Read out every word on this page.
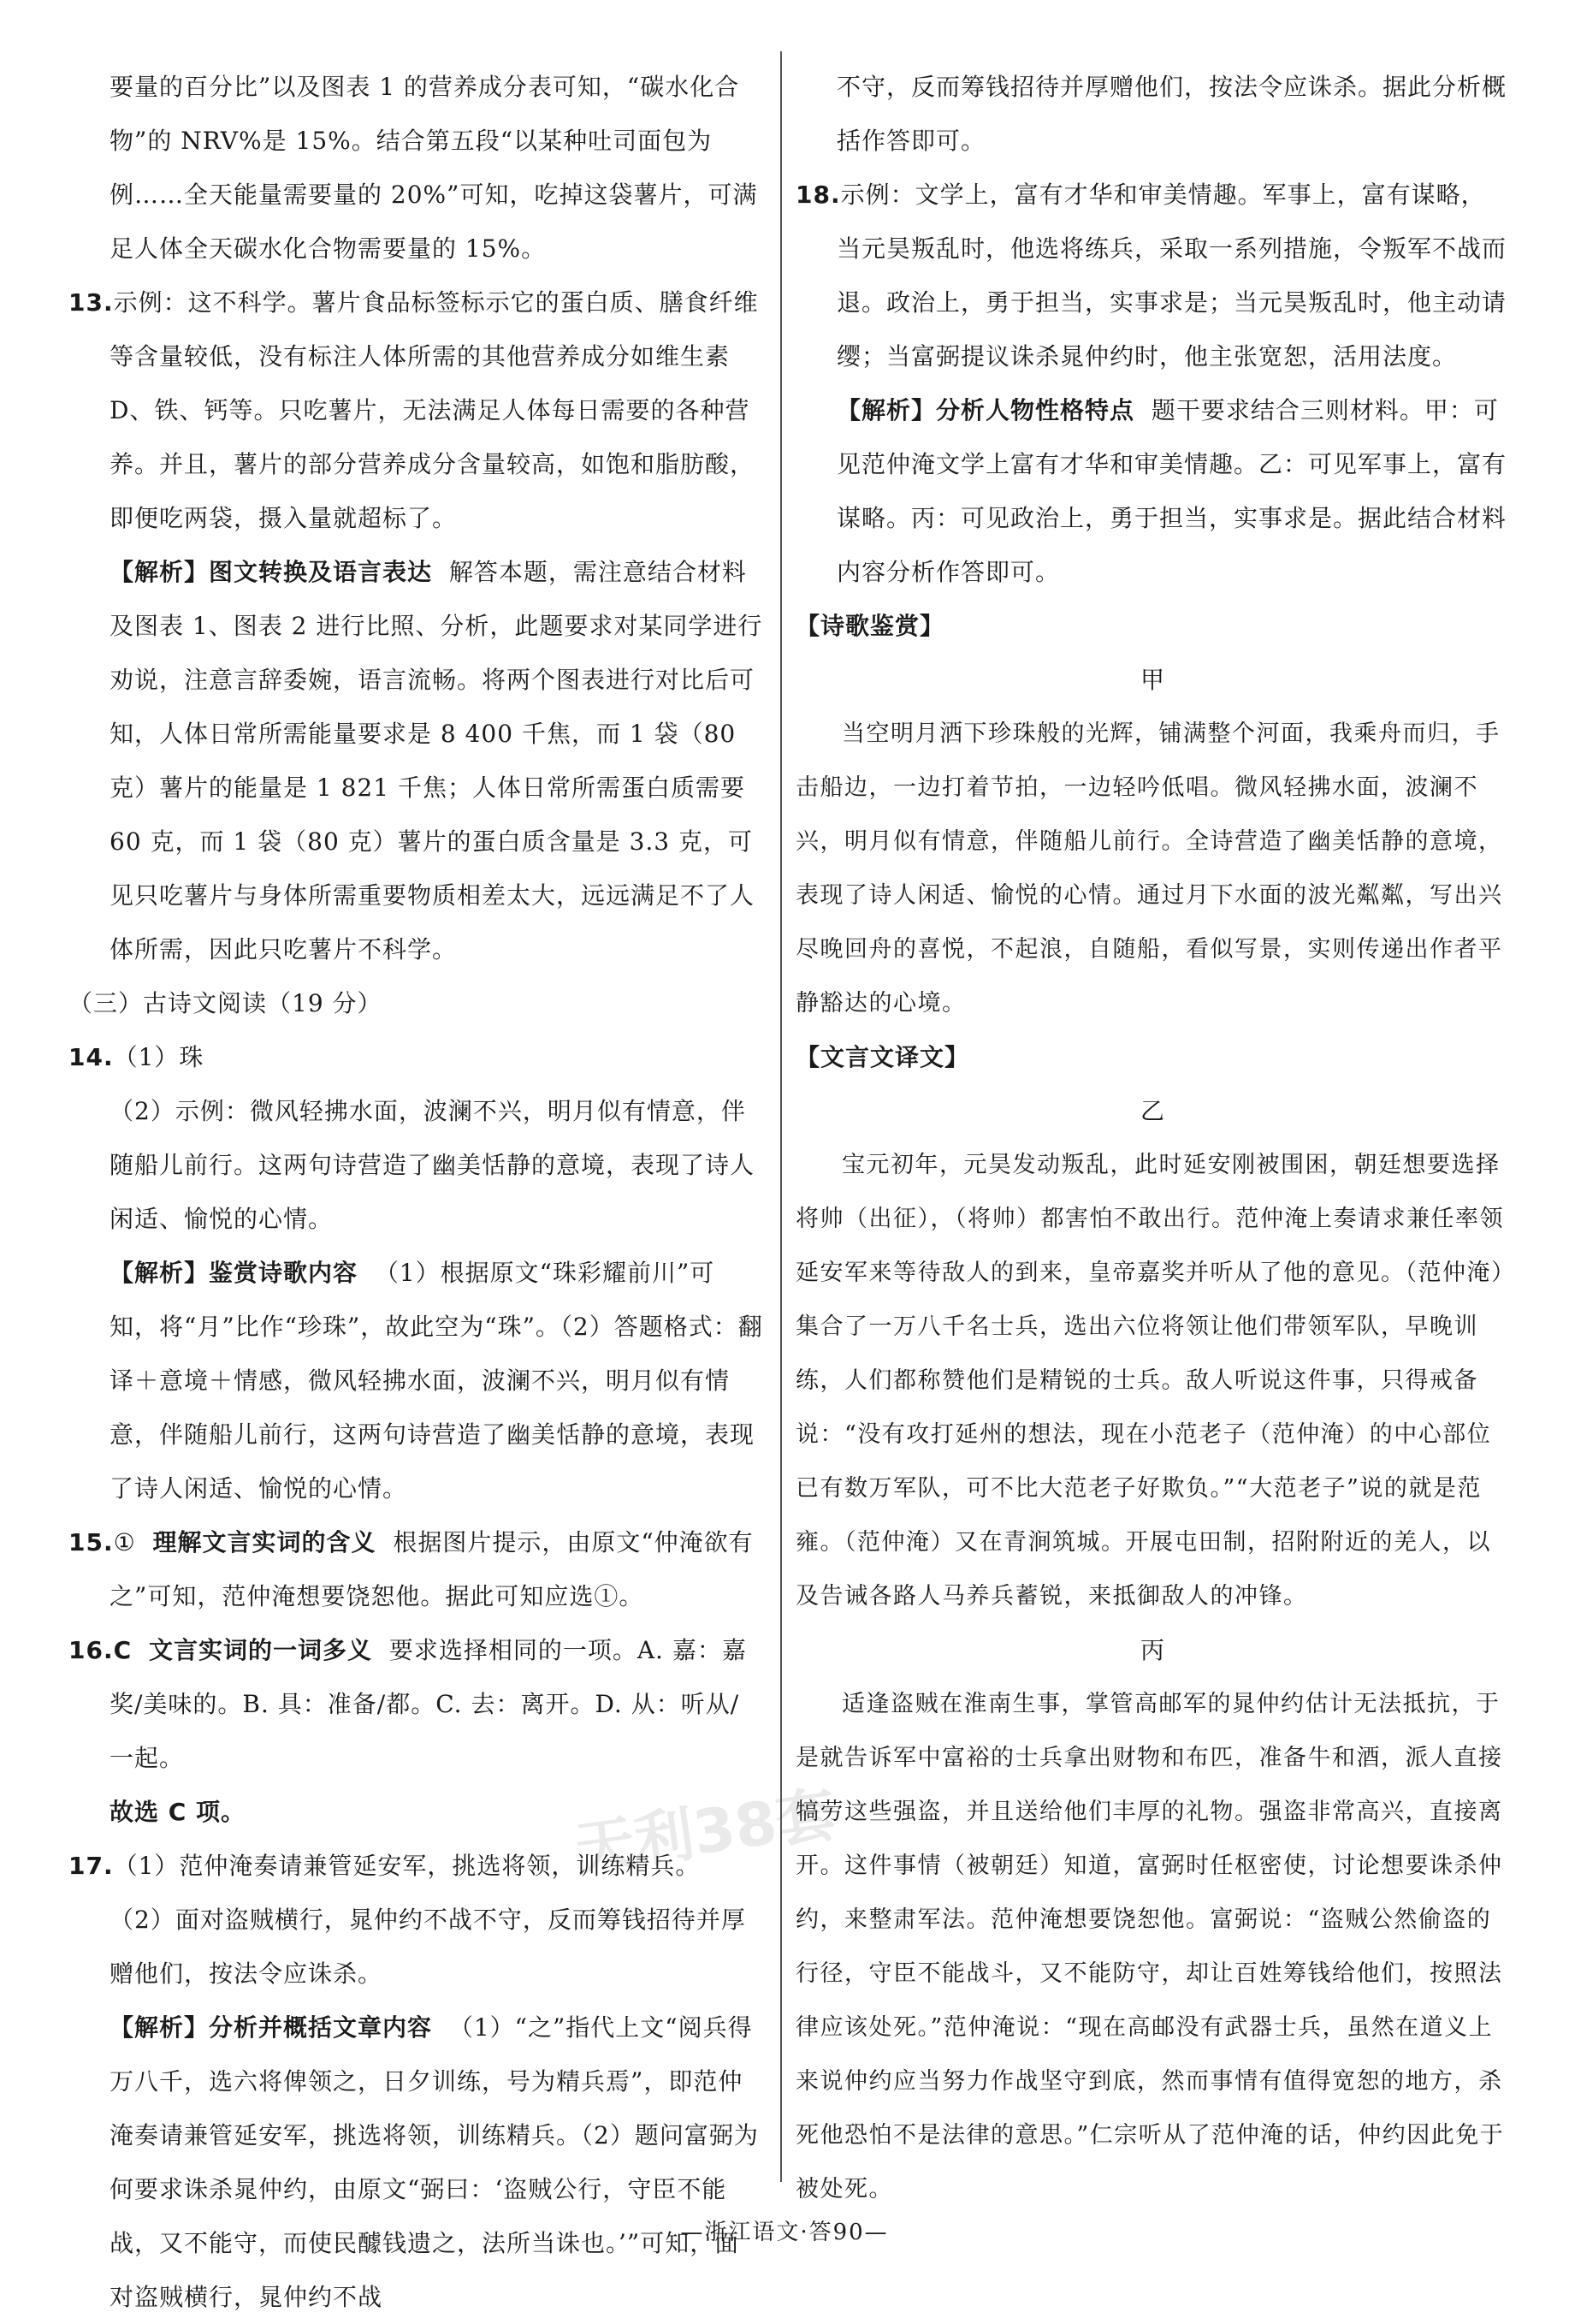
天利38套

要量的百分比”以及图表 1 的营养成分表可知，“碳水化合物”的 NRV%是 15%。结合第五段“以某种吐司面包为例……全天能量需要量的 20%”可知，吃掉这袋薯片，可满足人体全天碳水化合物需要量的 15%。

13.示例：这不科学。薯片食品标签标示它的蛋白质、膳食纤维等含量较低，没有标注人体所需的其他营养成分如维生素 D、铁、钙等。只吃薯片，无法满足人体每日需要的各种营养。并且，薯片的部分营养成分含量较高，如饱和脂肪酸，即便吃两袋，摄入量就超标了。

【解析】图文转换及语言表达 解答本题，需注意结合材料及图表 1、图表 2 进行比照、分析，此题要求对某同学进行劝说，注意言辞委婉，语言流畅。将两个图表进行对比后可知，人体日常所需能量要求是 8 400 千焦，而 1 袋（80 克）薯片的能量是 1 821 千焦；人体日常所需蛋白质需要 60 克，而 1 袋（80 克）薯片的蛋白质含量是 3.3 克，可见只吃薯片与身体所需重要物质相差太大，远远满足不了人体所需，因此只吃薯片不科学。

（三）古诗文阅读（19 分）

14.（1）珠

（2）示例：微风轻拂水面，波澜不兴，明月似有情意，伴随船儿前行。这两句诗营造了幽美恬静的意境，表现了诗人闲适、愉悦的心情。

【解析】鉴赏诗歌内容 （1）根据原文“珠彩耀前川”可知，将“月”比作“珍珠”，故此空为“珠”。（2）答题格式：翻译＋意境＋情感，微风轻拂水面，波澜不兴，明月似有情意，伴随船儿前行，这两句诗营造了幽美恬静的意境，表现了诗人闲适、愉悦的心情。

15.① 理解文言实词的含义 根据图片提示，由原文“仲淹欲有之”可知，范仲淹想要饶恕他。据此可知应选①。

16.C 文言实词的一词多义 要求选择相同的一项。A. 嘉：嘉奖/美味的。B. 具：准备/都。C. 去：离开。D. 从：听从/一起。

故选 C 项。

17.（1）范仲淹奏请兼管延安军，挑选将领，训练精兵。

（2）面对盗贼横行，晁仲约不战不守，反而筹钱招待并厚赠他们，按法令应诛杀。

【解析】分析并概括文章内容 （1）“之”指代上文“阅兵得万八千，选六将俾领之，日夕训练，号为精兵焉”，即范仲淹奏请兼管延安军，挑选将领，训练精兵。（2）题问富弼为何要求诛杀晁仲约，由原文“弼曰：‘盗贼公行，守臣不能战，又不能守，而使民醵钱遗之，法所当诛也。’”可知，面对盗贼横行，晁仲约不战

不守，反而筹钱招待并厚赠他们，按法令应诛杀。据此分析概括作答即可。

18.示例：文学上，富有才华和审美情趣。军事上，富有谋略，当元昊叛乱时，他选将练兵，采取一系列措施，令叛军不战而退。政治上，勇于担当，实事求是；当元昊叛乱时，他主动请缨；当富弼提议诛杀晁仲约时，他主张宽恕，活用法度。

【解析】分析人物性格特点 题干要求结合三则材料。甲：可见范仲淹文学上富有才华和审美情趣。乙：可见军事上，富有谋略。丙：可见政治上，勇于担当，实事求是。据此结合材料内容分析作答即可。

【诗歌鉴赏】

甲

当空明月洒下珍珠般的光辉，铺满整个河面，我乘舟而归，手击船边，一边打着节拍，一边轻吟低唱。微风轻拂水面，波澜不兴，明月似有情意，伴随船儿前行。全诗营造了幽美恬静的意境，表现了诗人闲适、愉悦的心情。通过月下水面的波光粼粼，写出兴尽晚回舟的喜悦，不起浪，自随船，看似写景，实则传递出作者平静豁达的心境。

【文言文译文】

乙

宝元初年，元昊发动叛乱，此时延安刚被围困，朝廷想要选择将帅（出征），（将帅）都害怕不敢出行。范仲淹上奏请求兼任率领延安军来等待敌人的到来，皇帝嘉奖并听从了他的意见。（范仲淹）集合了一万八千名士兵，选出六位将领让他们带领军队，早晚训练，人们都称赞他们是精锐的士兵。敌人听说这件事，只得戒备说：“没有攻打延州的想法，现在小范老子（范仲淹）的中心部位已有数万军队，可不比大范老子好欺负。”“大范老子”说的就是范雍。（范仲淹）又在青涧筑城。开展屯田制，招附附近的羌人，以及告诫各路人马养兵蓄锐，来抵御敌人的冲锋。

丙

适逢盗贼在淮南生事，掌管高邮军的晁仲约估计无法抵抗，于是就告诉军中富裕的士兵拿出财物和布匹，准备牛和酒，派人直接犒劳这些强盗，并且送给他们丰厚的礼物。强盗非常高兴，直接离开。这件事情（被朝廷）知道，富弼时任枢密使，讨论想要诛杀仲约，来整肃军法。范仲淹想要饶恕他。富弼说：“盗贼公然偷盗的行径，守臣不能战斗，又不能防守，却让百姓筹钱给他们，按照法律应该处死。”范仲淹说：“现在高邮没有武器士兵，虽然在道义上来说仲约应当努力作战坚守到底，然而事情有值得宽恕的地方，杀死他恐怕不是法律的意思。”仁宗听从了范仲淹的话，仲约因此免于被处死。

—浙江语文·答90—
